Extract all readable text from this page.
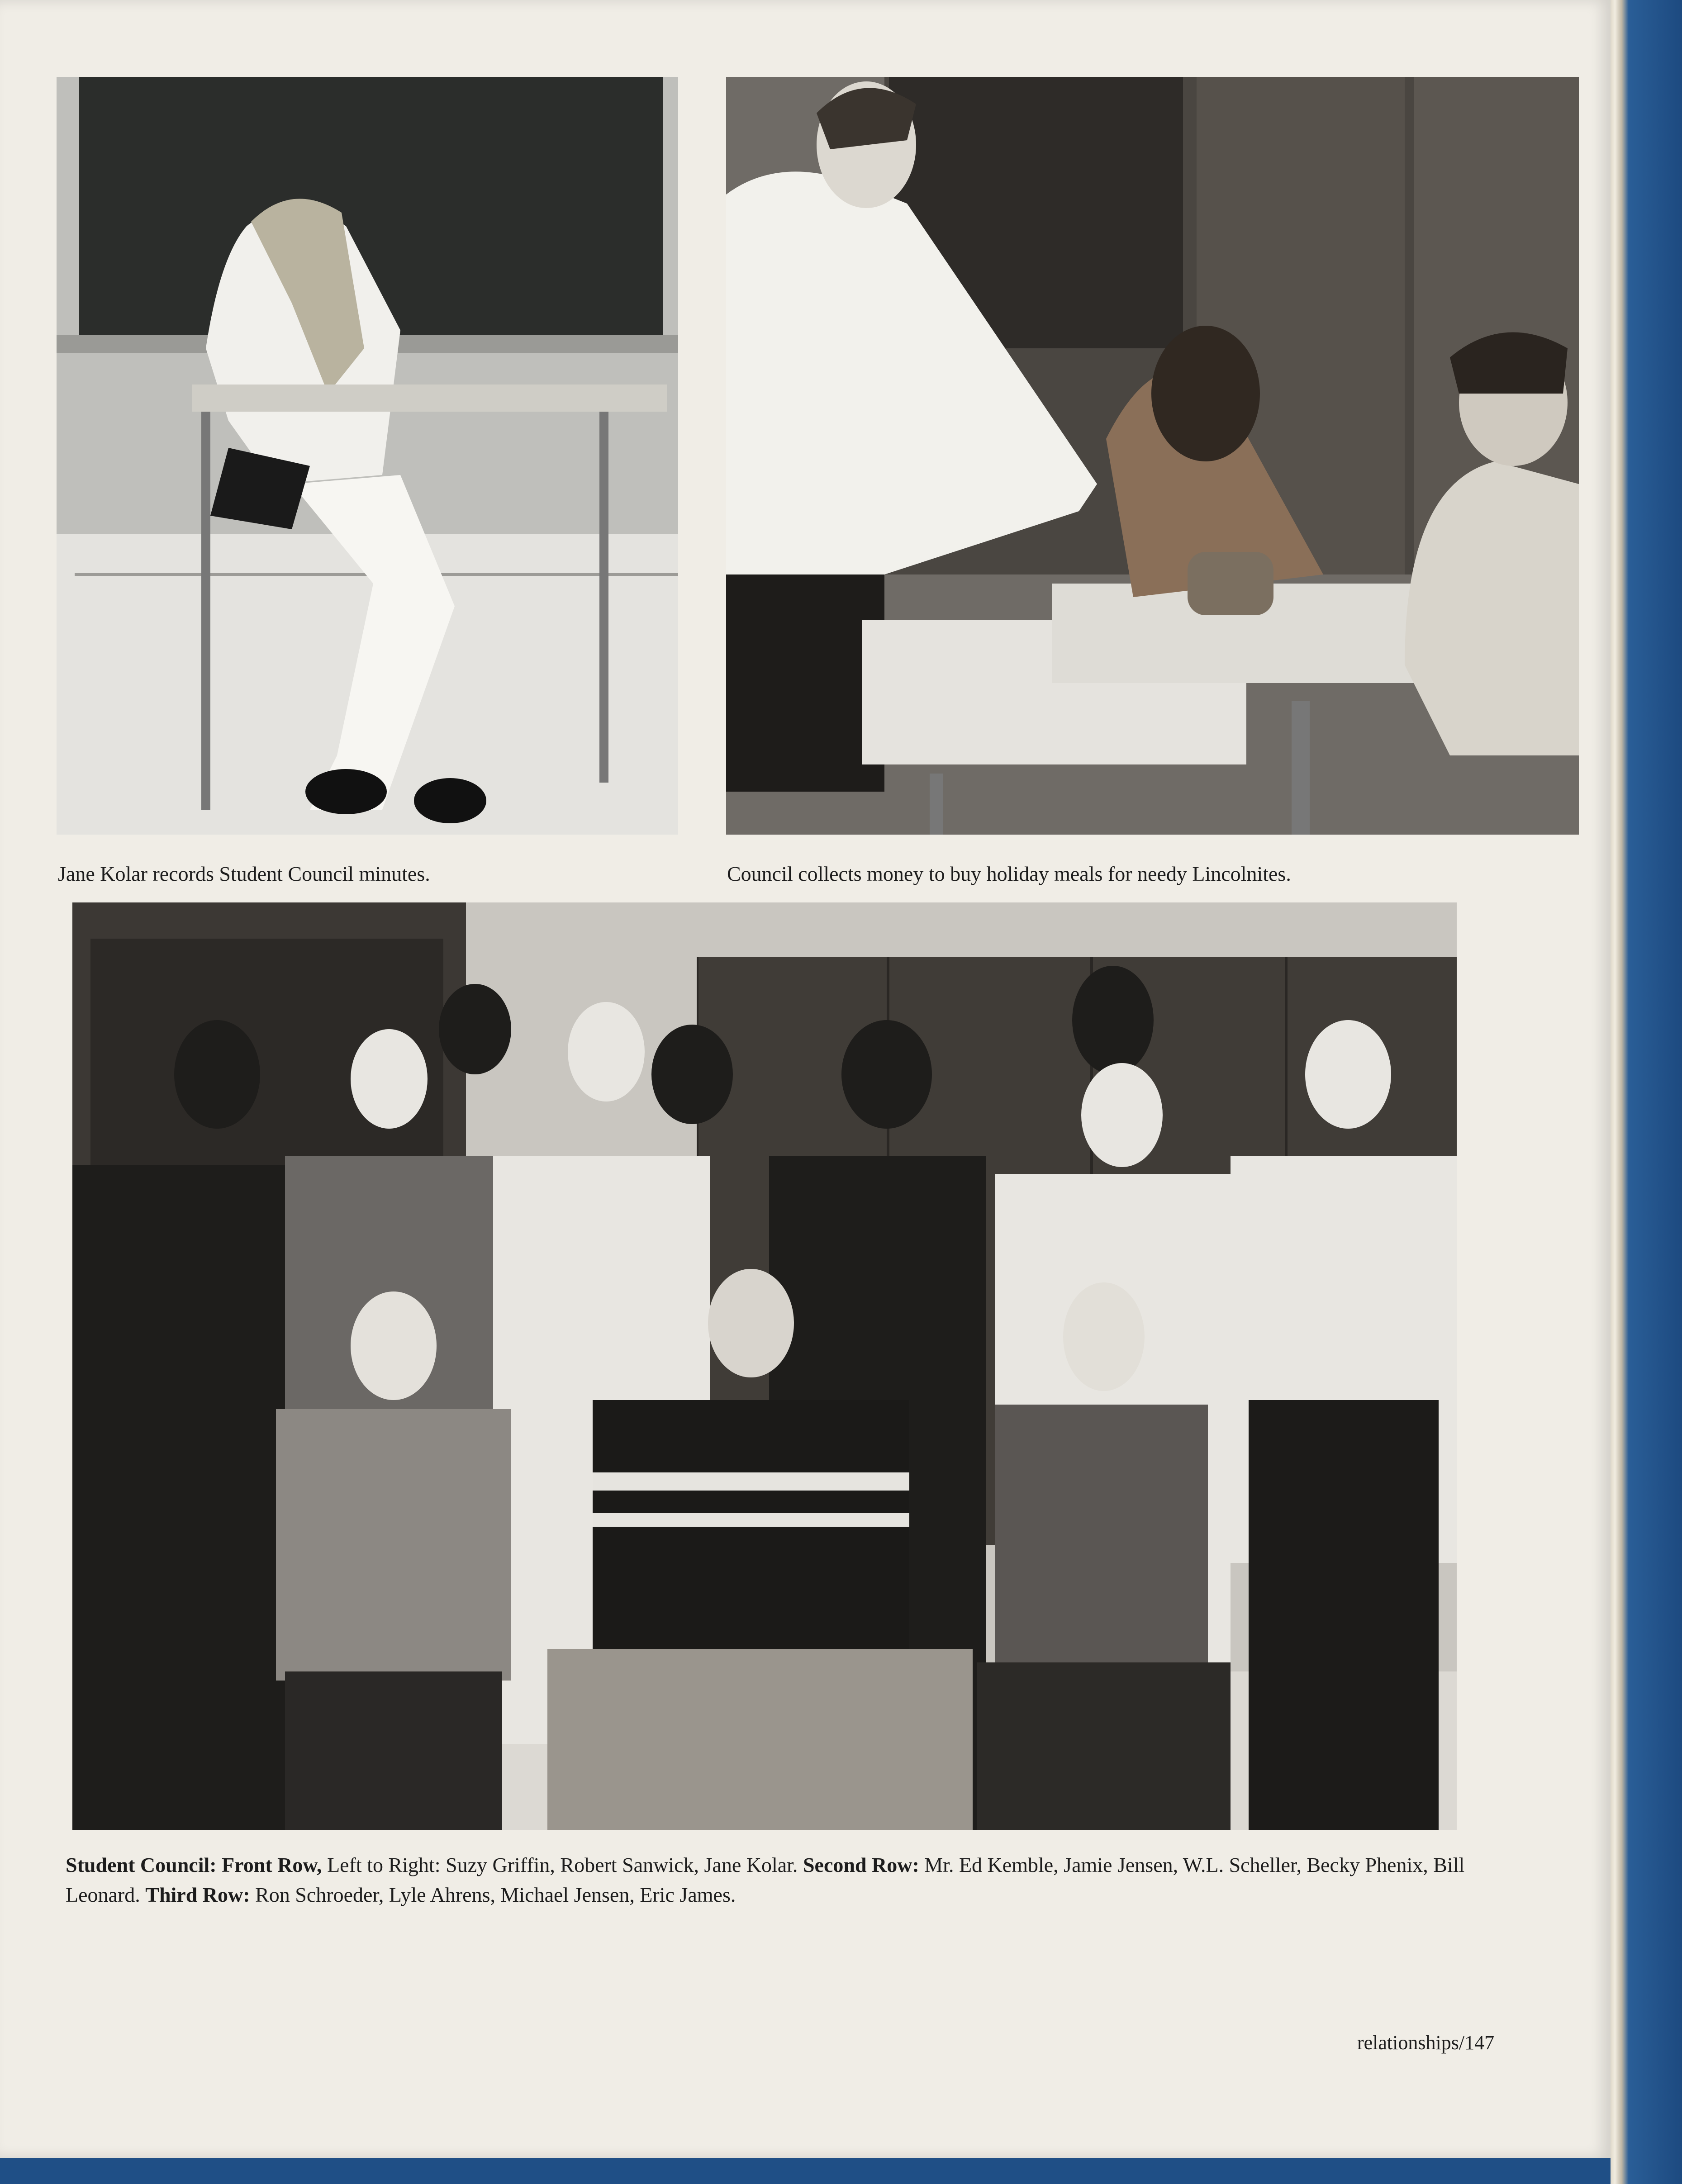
Jane Kolar records Student Council minutes.	Council collects money to buy holiday meals for needy Lincolnites.
Student Council: Front Row, Left to Right: Suzy Griffin, Robert Sanwick, Jane Kolar. Second Row: Mr. Ed Kemble, Jamie Jensen, W.L. Scheller, Becky Phenix, Bill Leonard. Third Row: Ron Schroeder, Lyle Ahrens, Michael Jensen, Eric James.
relationships/147
